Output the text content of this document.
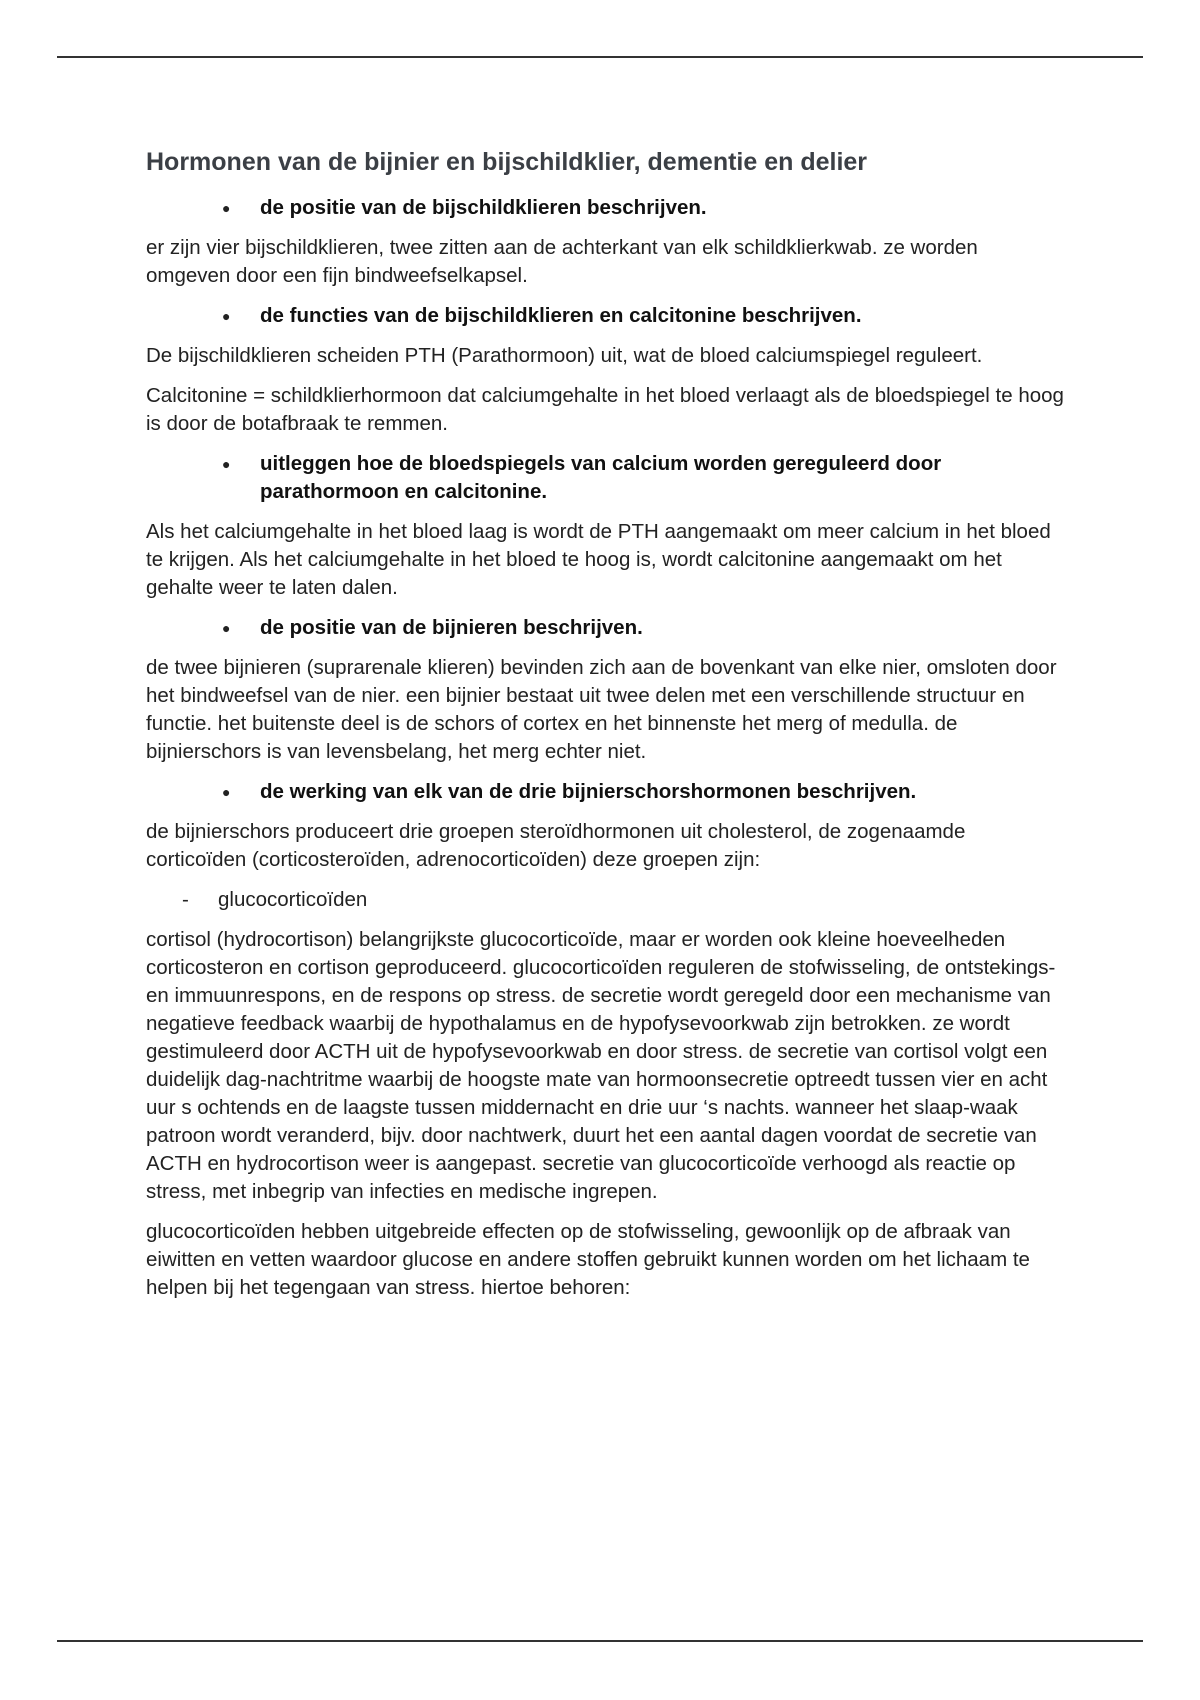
Hormonen van de bijnier en bijschildklier, dementie en delier
● de positie van de bijschildklieren beschrijven.

er zijn vier bijschildklieren, twee zitten aan de achterkant van elk schildklierkwab. ze worden omgeven door een fijn bindweefselkapsel.

● de functies van de bijschildklieren en calcitonine beschrijven.

De bijschildklieren scheiden PTH (Parathormoon) uit, wat de bloed calciumspiegel reguleert.

Calcitonine = schildklierhormoon dat calciumgehalte in het bloed verlaagt als de bloedspiegel te hoog is door de botafbraak te remmen.

● uitleggen hoe de bloedspiegels van calcium worden gereguleerd door parathormoon en calcitonine.

Als het calciumgehalte in het bloed laag is wordt de PTH aangemaakt om meer calcium in het bloed te krijgen. Als het calciumgehalte in het bloed te hoog is, wordt calcitonine aangemaakt om het gehalte weer te laten dalen.

● de positie van de bijnieren beschrijven.

de twee bijnieren (suprarenale klieren) bevinden zich aan de bovenkant van elke nier, omsloten door het bindweefsel van de nier. een bijnier bestaat uit twee delen met een verschillende structuur en functie. het buitenste deel is de schors of cortex en het binnenste het merg of medulla. de bijnierschors is van levensbelang, het merg echter niet.

● de werking van elk van de drie bijnierschorshormonen beschrijven.

de bijnierschors produceert drie groepen steroïdhormonen uit cholesterol, de zogenaamde corticoïden (corticosteroïden, adrenocorticoïden) deze groepen zijn:

-	glucocorticoïden

cortisol (hydrocortison) belangrijkste glucocorticoïde, maar er worden ook kleine hoeveelheden corticosteron en cortison geproduceerd. glucocorticoïden reguleren de stofwisseling, de ontstekings- en immuunrespons, en de respons op stress. de secretie wordt geregeld door een mechanisme van negatieve feedback waarbij de hypothalamus en de hypofysevoorkwab zijn betrokken. ze wordt gestimuleerd door ACTH uit de hypofysevoorkwab en door stress. de secretie van cortisol volgt een duidelijk dag-nachtritme waarbij de hoogste mate van hormoonsecretie optreedt tussen vier en acht uur s ochtends en de laagste tussen middernacht en drie uur ‘s nachts. wanneer het slaap-waak patroon wordt veranderd, bijv. door nachtwerk, duurt het een aantal dagen voordat de secretie van ACTH en hydrocortison weer is aangepast. secretie van glucocorticoïde verhoogd als reactie op stress, met inbegrip van infecties en medische ingrepen.

glucocorticoïden hebben uitgebreide effecten op de stofwisseling, gewoonlijk op de afbraak van eiwitten en vetten waardoor glucose en andere stoffen gebruikt kunnen worden om het lichaam te helpen bij het tegengaan van stress. hiertoe behoren:
